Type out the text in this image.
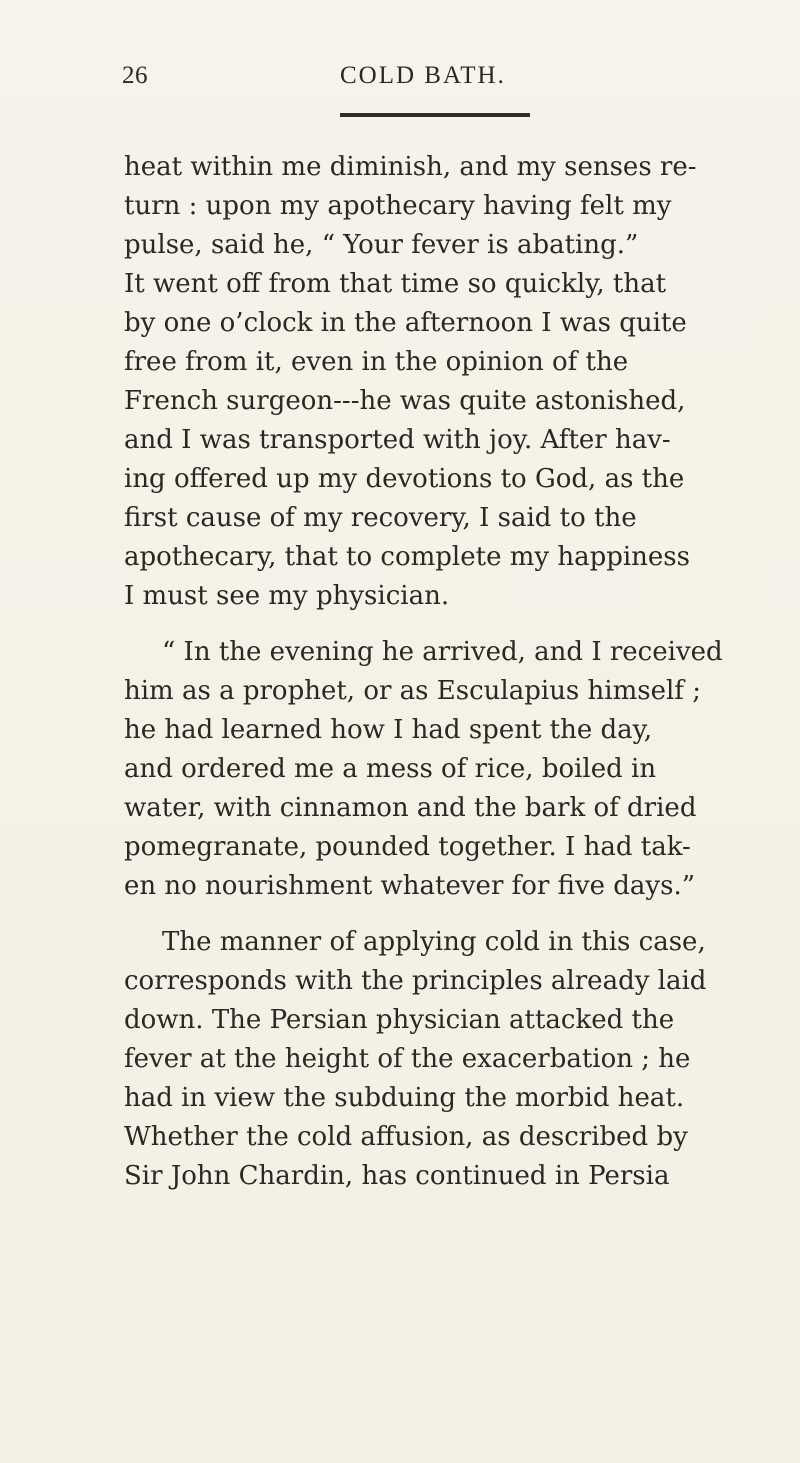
26	COLD BATH.
heat within me diminish, and my senses re-
turn : upon my apothecary having felt my
pulse, said he, “ Your fever is abating.”
It went off from that time so quickly, that
by one o’clock in the afternoon I was quite
free from it, even in the opinion of the
French surgeon---he was quite astonished,
and I was transported with joy. After hav-
ing offered up my devotions to God, as the
first cause of my recovery, I said to the
apothecary, that to complete my happiness
I must see my physician.
“ In the evening he arrived, and I received
him as a prophet, or as Esculapius himself ;
he had learned how I had spent the day,
and ordered me a mess of rice, boiled in
water, with cinnamon and the bark of dried
pomegranate, pounded together. I had tak-
en no nourishment whatever for five days.”
The manner of applying cold in this case,
corresponds with the principles already laid
down. The Persian physician attacked the
fever at the height of the exacerbation ; he
had in view the subduing the morbid heat.
Whether the cold affusion, as described by
Sir John Chardin, has continued in Persia
